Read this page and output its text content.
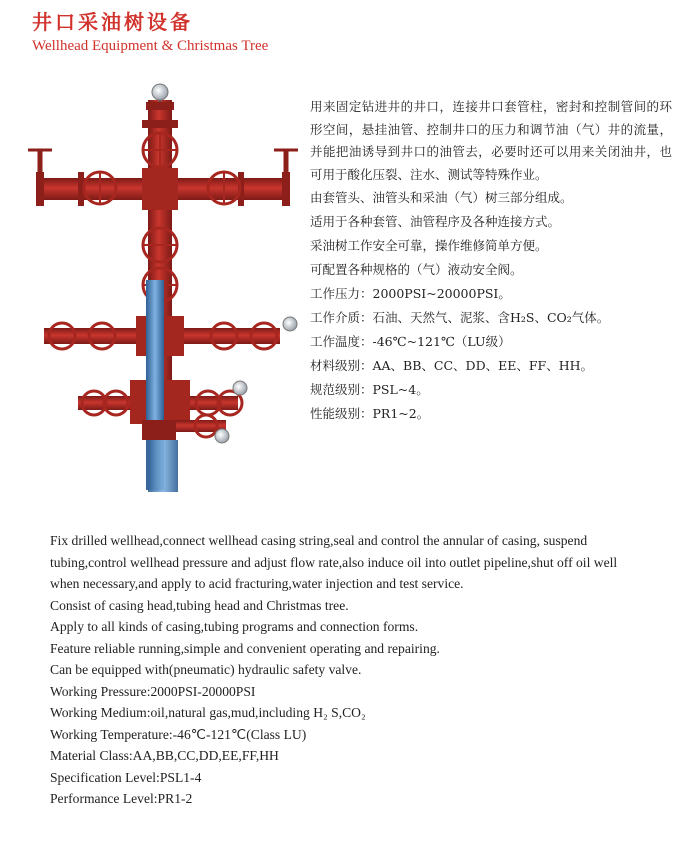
井口采油树设备
Wellhead Equipment & Christmas Tree
用来固定钻进井的井口，连接井口套管柱，密封和控制管间的环形空间，悬挂油管、控制井口的压力和调节油（气）井的流量，并能把油诱导到井口的油管去，必要时还可以用来关闭油井，也可用于酸化压裂、注水、测试等特殊作业。
由套管头、油管头和采油（气）树三部分组成。
适用于各种套管、油管程序及各种连接方式。
采油树工作安全可靠，操作维修简单方便。
可配置各种规格的（气）液动安全阀。
工作压力：2000PSI~20000PSI。
工作介质：石油、天然气、泥浆、含H₂S、CO₂气体。
工作温度：-46℃~121℃（LU级）
材料级别：AA、BB、CC、DD、EE、FF、HH。
规范级别：PSL~4。
性能级别：PR1~2。
Fix drilled wellhead,connect wellhead casing string,seal and control the annular of casing, suspend tubing,control wellhead pressure and adjust flow rate,also induce oil into outlet pipeline,shut off oil well when necessary,and apply to acid fracturing,water injection and test service.
Consist of casing head,tubing head and Christmas tree.
Apply to all kinds of casing,tubing programs and connection forms.
Feature reliable running,simple and convenient operating and repairing.
Can be equipped with(pneumatic) hydraulic safety valve.
Working Pressure:2000PSI-20000PSI
Working Medium:oil,natural gas,mud,including H₂ S,CO₂
Working Temperature:-46℃-121℃(Class LU)
Material Class:AA,BB,CC,DD,EE,FF,HH
Specification Level:PSL1-4
Performance Level:PR1-2
